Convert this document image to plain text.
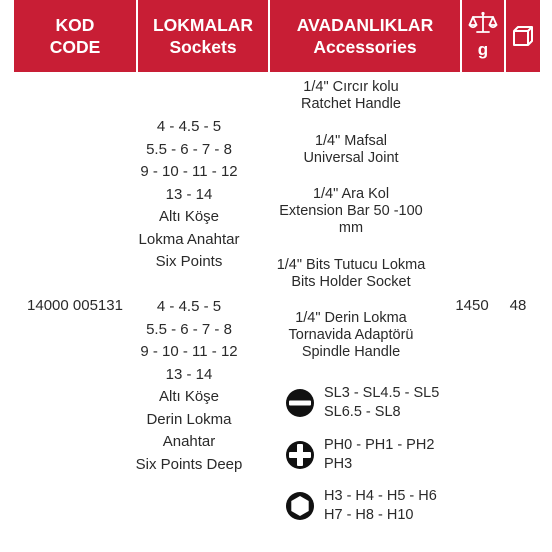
KOD
CODE
LOKMALAR
Sockets
AVADANLIKLAR
Accessories	g
14000 005131
4 - 4.5 - 5
5.5 - 6 - 7 - 8
9 - 10 - 11 - 12
13 - 14
Altı Köşe
Lokma Anahtar
Six Points
4 - 4.5 - 5
5.5 - 6 - 7 - 8
9 - 10 - 11 - 12
13 - 14
Altı Köşe
Derin Lokma
Anahtar
Six Points Deep
1/4" Cırcır kolu
Ratchet Handle
1/4" Mafsal
Universal Joint
1/4" Ara Kol
Extension Bar 50 -100
mm
1/4" Bits Tutucu Lokma
Bits Holder Socket
1/4" Derin Lokma
Tornavida Adaptörü
Spindle Handle
SL3 - SL4.5 - SL5
SL6.5 - SL8
PH0 - PH1 - PH2
PH3
H3 - H4 - H5 - H6
H7 - H8 - H10
1450	48
